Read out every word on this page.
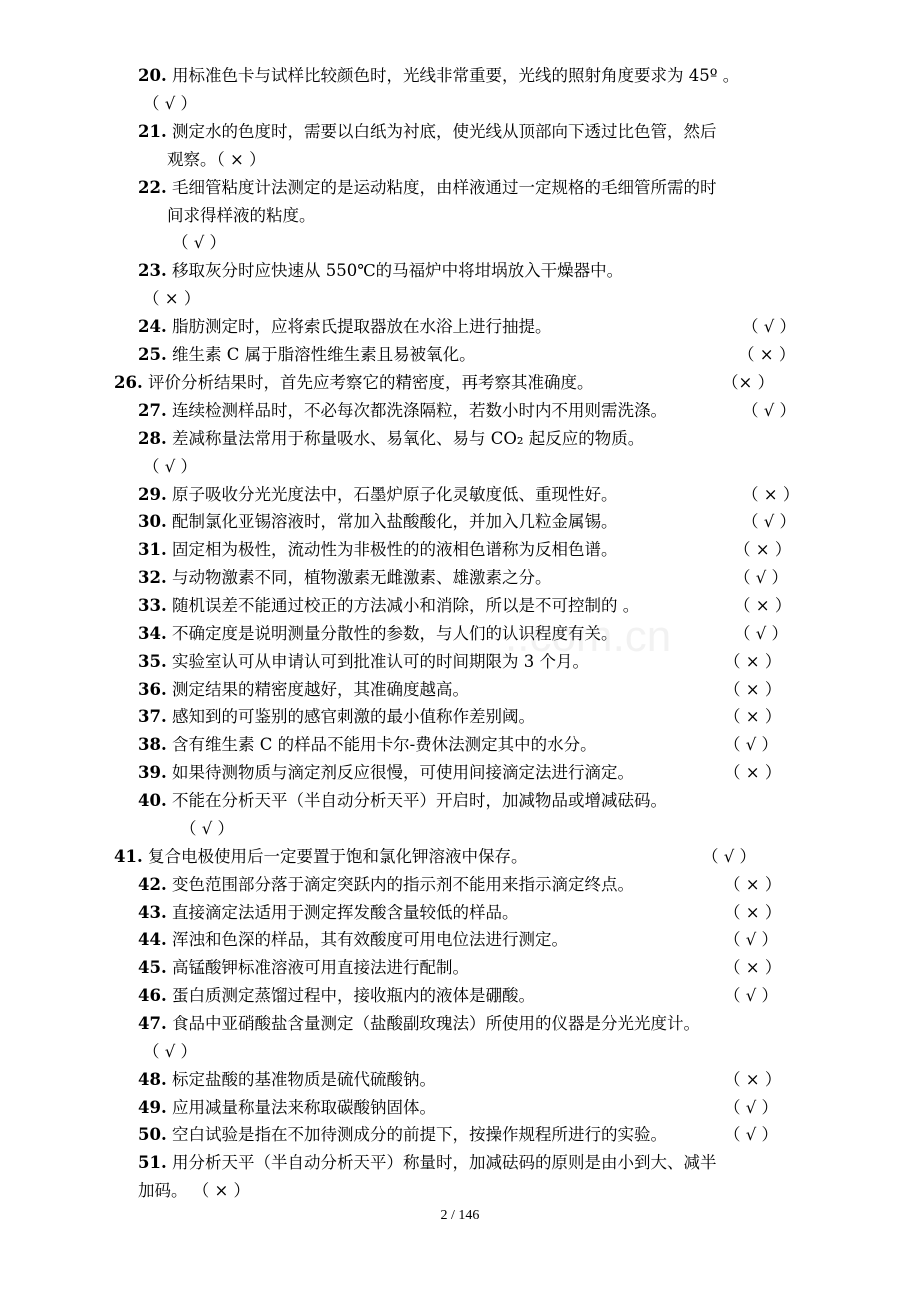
..com.cn
20. 用标准色卡与试样比较颜色时，光线非常重要，光线的照射角度要求为 45º 。
（ √ ）
21. 测定水的色度时，需要以白纸为衬底，使光线从顶部向下透过比色管，然后
观察。（ × ）
22. 毛细管粘度计法测定的是运动粘度，由样液通过一定规格的毛细管所需的时
间求得样液的粘度。
（ √ ）
23. 移取灰分时应快速从 550℃的马福炉中将坩埚放入干燥器中。
（ × ）
24. 脂肪测定时，应将索氏提取器放在水浴上进行抽提。	（ √ ）
25. 维生素 C 属于脂溶性维生素且易被氧化。	（ × ）
26. 评价分析结果时，首先应考察它的精密度，再考察其准确度。	（× ）
27. 连续检测样品时，不必每次都洗涤隔粒，若数小时内不用则需洗涤。	（ √ ）
28. 差减称量法常用于称量吸水、易氧化、易与 CO₂ 起反应的物质。
（ √ ）
29. 原子吸收分光光度法中，石墨炉原子化灵敏度低、重现性好。	（ × ）
30. 配制氯化亚锡溶液时，常加入盐酸酸化，并加入几粒金属锡。	（ √ ）
31. 固定相为极性，流动性为非极性的的液相色谱称为反相色谱。	（ × ）
32. 与动物激素不同，植物激素无雌激素、雄激素之分。	（ √ ）
33. 随机误差不能通过校正的方法减小和消除，所以是不可控制的 。	（ × ）
34. 不确定度是说明测量分散性的参数，与人们的认识程度有关。	（ √ ）
35. 实验室认可从申请认可到批准认可的时间期限为 3 个月。	（ × ）
36. 测定结果的精密度越好，其准确度越高。	（ × ）
37. 感知到的可鉴别的感官刺激的最小值称作差别阈。	（ × ）
38. 含有维生素 C 的样品不能用卡尔-费休法测定其中的水分。	（ √ ）
39. 如果待测物质与滴定剂反应很慢，可使用间接滴定法进行滴定。	（ × ）
40. 不能在分析天平（半自动分析天平）开启时，加减物品或增减砝码。
（ √ ）
41. 复合电极使用后一定要置于饱和氯化钾溶液中保存。	（ √ ）
42. 变色范围部分落于滴定突跃内的指示剂不能用来指示滴定终点。	（ × ）
43. 直接滴定法适用于测定挥发酸含量较低的样品。	（ × ）
44. 浑浊和色深的样品，其有效酸度可用电位法进行测定。	（ √ ）
45. 高锰酸钾标准溶液可用直接法进行配制。	（ × ）
46. 蛋白质测定蒸馏过程中，接收瓶内的液体是硼酸。	（ √ ）
47. 食品中亚硝酸盐含量测定（盐酸副玫瑰法）所使用的仪器是分光光度计。
（ √ ）
48. 标定盐酸的基准物质是硫代硫酸钠。	（ × ）
49. 应用减量称量法来称取碳酸钠固体。	（ √ ）
50. 空白试验是指在不加待测成分的前提下，按操作规程所进行的实验。	（ √ ）
51. 用分析天平（半自动分析天平）称量时，加减砝码的原则是由小到大、减半
加码。 （ × ）
2 / 146
